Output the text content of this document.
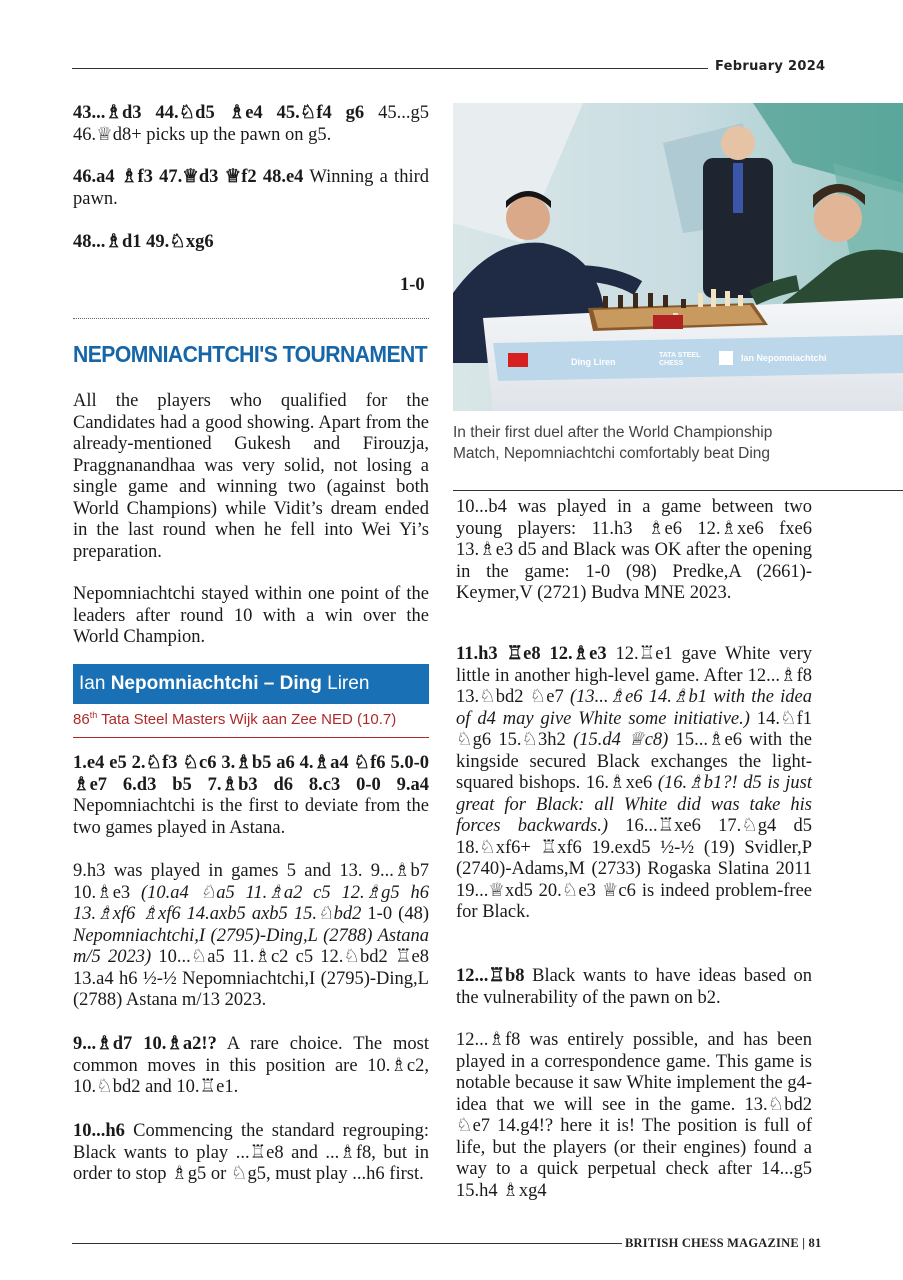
February 2024

43...♗d3 44.♘d5 ♗e4 45.♘f4 g6 45...g5 46.♕d8+ picks up the pawn on g5.

46.a4 ♗f3 47.♕d3 ♕f2 48.e4 Winning a third pawn.

48...♗d1 49.♘xg6

1-0
NEPOMNIACHTCHI'S TOURNAMENT

All the players who qualified for the Candidates had a good showing. Apart from the already-mentioned Gukesh and Firouzja, Praggnanandhaa was very solid, not losing a single game and winning two (against both World Champions) while Vidit’s dream ended in the last round when he fell into Wei Yi’s preparation.

Nepomniachtchi stayed within one point of the leaders after round 10 with a win over the World Champion.

Ian
Nepomniachtchi – Ding
Liren
86th Tata Steel Masters Wijk aan Zee NED (10.7)

1.e4 e5 2.♘f3 ♘c6 3.♗b5 a6 4.♗a4 ♘f6 5.0-0 ♗e7 6.d3 b5 7.♗b3 d6 8.c3 0-0 9.a4 Nepomniachtchi is the first to deviate from the two games played in Astana.

9.h3 was played in games 5 and 13. 9...♗b7 10.♗e3 (10.a4 ♘a5 11.♗a2 c5 12.♗g5 h6 13.♗xf6 ♗xf6 14.axb5 axb5 15.♘bd2 1-0 (48) Nepomniachtchi,I (2795)-Ding,L (2788) Astana m/5 2023) 10...♘a5 11.♗c2 c5 12.♘bd2 ♖e8 13.a4 h6 ½-½ Nepomniachtchi,I (2795)-Ding,L (2788) Astana m/13 2023.

9...♗d7 10.♗a2!? A rare choice. The most common moves in this position are 10.♗c2, 10.♘bd2 and 10.♖e1.

10...h6 Commencing the standard regrouping: Black wants to play ...♖e8 and ...♗f8, but in order to stop ♗g5 or ♘g5, must play ...h6 first.

Ding Liren
TATA STEEL
CHESS
Ian Nepomniachtchi
In their first duel after the World Championship Match, Nepomniachtchi comfortably beat Ding

10...b4 was played in a game between two young players: 11.h3 ♗e6 12.♗xe6 fxe6 13.♗e3 d5 and Black was OK after the opening in the game: 1-0 (98) Predke,A (2661)-Keymer,V (2721) Budva MNE 2023.

11.h3 ♖e8 12.♗e3 12.♖e1 gave White very little in another high-level game. After 12...♗f8 13.♘bd2 ♘e7 (13...♗e6 14.♗b1 with the idea of d4 may give White some initiative.) 14.♘f1 ♘g6 15.♘3h2 (15.d4 ♕c8) 15...♗e6 with the kingside secured Black exchanges the light-squared bishops. 16.♗xe6 (16.♗b1?! d5 is just great for Black: all White did was take his forces backwards.) 16...♖xe6 17.♘g4 d5 18.♘xf6+ ♖xf6 19.exd5 ½-½ (19) Svidler,P (2740)-Adams,M (2733) Rogaska Slatina 2011 19...♕xd5 20.♘e3 ♕c6 is indeed problem-free for Black.

12...♖b8 Black wants to have ideas based on the vulnerability of the pawn on b2.

12...♗f8 was entirely possible, and has been played in a correspondence game. This game is notable because it saw White implement the g4-idea that we will see in the game. 13.♘bd2 ♘e7 14.g4!? here it is! The position is full of life, but the players (or their engines) found a way to a quick perpetual check after 14...g5 15.h4 ♗xg4

BRITISH CHESS MAGAZINE | 81
